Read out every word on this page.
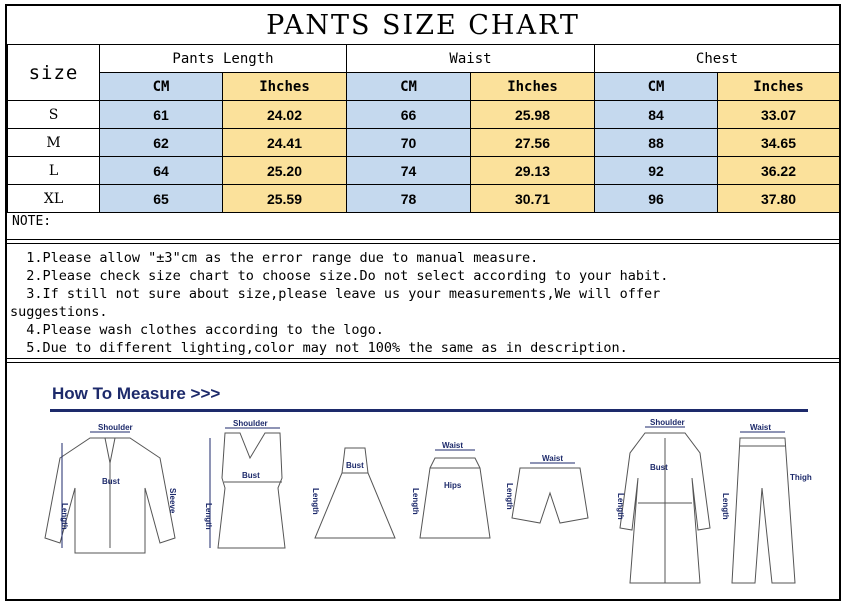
PANTS SIZE CHART
size	Pants Length		Waist		Chest	
	CM	Ihches	CM	Ihches	CM	Inches
S	61	24.02	66	25.98	84	33.07
M	62	24.41	70	27.56	88	34.65
L	64	25.20	74	29.13	92	36.22
XL	65	25.59	78	30.71	96	37.80
NOTE:
1.Please allow "±3"cm as the error range due to manual measure.
2.Please check size chart to choose size.Do not select according to your habit.
3.If still not sure about size,please leave us your measurements,We will offer
suggestions.
4.Please wash clothes according to the logo.
5.Due to different lighting,color may not 100% the same as in description.
How To Measure >>>
Shoulder
Bust
Length
Sleeve
Shoulder
Bust
Length
Bust
Length
Waist
Hips
Length
Waist
Length
Shoulder
Bust
Length
Waist
Thigh
Length
